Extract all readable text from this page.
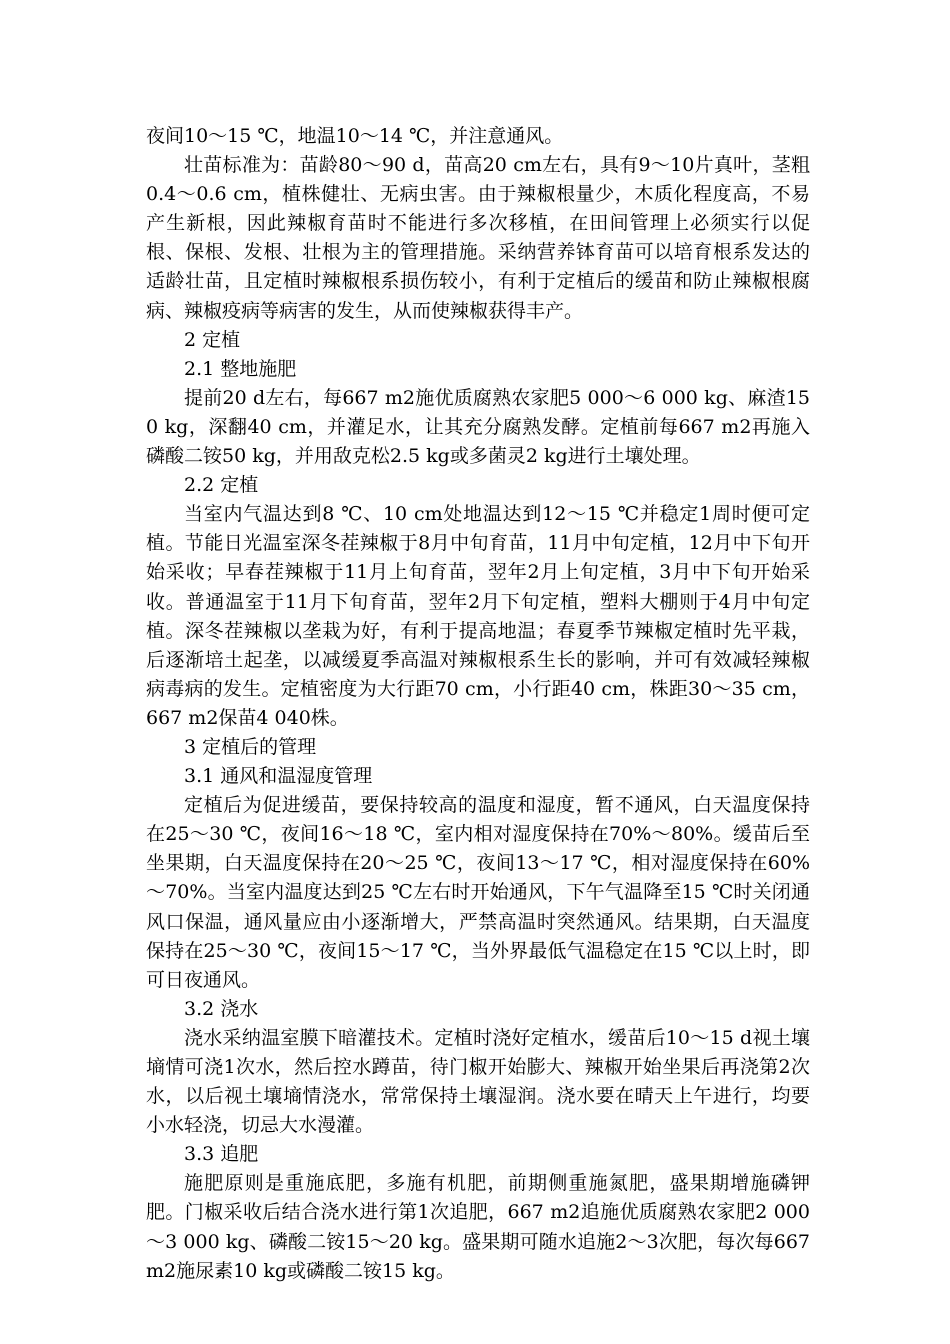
夜间10～15 ℃，地温10～14 ℃，并注意通风。

壮苗标准为：苗龄80～90 d，苗高20 cm左右，具有9～10片真叶，茎粗0.4～0.6 cm，植株健壮、无病虫害。由于辣椒根量少，木质化程度高，不易产生新根，因此辣椒育苗时不能进行多次移植，在田间管理上必须实行以促根、保根、发根、壮根为主的管理措施。采纳营养钵育苗可以培育根系发达的适龄壮苗，且定植时辣椒根系损伤较小，有利于定植后的缓苗和防止辣椒根腐病、辣椒疫病等病害的发生，从而使辣椒获得丰产。

2 定植

2.1 整地施肥

提前20 d左右，每667 m2施优质腐熟农家肥5 000～6 000 kg、麻渣150 kg，深翻40 cm，并灌足水，让其充分腐熟发酵。定植前每667 m2再施入磷酸二铵50 kg，并用敌克松2.5 kg或多菌灵2 kg进行土壤处理。

2.2 定植

当室内气温达到8 ℃、10 cm处地温达到12～15 ℃并稳定1周时便可定植。节能日光温室深冬茬辣椒于8月中旬育苗，11月中旬定植，12月中下旬开始采收；早春茬辣椒于11月上旬育苗，翌年2月上旬定植，3月中下旬开始采收。普通温室于11月下旬育苗，翌年2月下旬定植，塑料大棚则于4月中旬定植。深冬茬辣椒以垄栽为好，有利于提高地温；春夏季节辣椒定植时先平栽，后逐渐培土起垄，以减缓夏季高温对辣椒根系生长的影响，并可有效减轻辣椒病毒病的发生。定植密度为大行距70 cm，小行距40 cm，株距30～35 cm，667 m2保苗4 040株。

3 定植后的管理

3.1 通风和温湿度管理

定植后为促进缓苗，要保持较高的温度和湿度，暂不通风，白天温度保持在25～30 ℃，夜间16～18 ℃，室内相对湿度保持在70%～80%。缓苗后至坐果期，白天温度保持在20～25 ℃，夜间13～17 ℃，相对湿度保持在60%～70%。当室内温度达到25 ℃左右时开始通风，下午气温降至15 ℃时关闭通风口保温，通风量应由小逐渐增大，严禁高温时突然通风。结果期，白天温度保持在25～30 ℃，夜间15～17 ℃，当外界最低气温稳定在15 ℃以上时，即可日夜通风。

3.2 浇水

浇水采纳温室膜下暗灌技术。定植时浇好定植水，缓苗后10～15 d视土壤墒情可浇1次水，然后控水蹲苗，待门椒开始膨大、辣椒开始坐果后再浇第2次水，以后视土壤墒情浇水，常常保持土壤湿润。浇水要在晴天上午进行，均要小水轻浇，切忌大水漫灌。

3.3 追肥

施肥原则是重施底肥，多施有机肥，前期侧重施氮肥，盛果期增施磷钾肥。门椒采收后结合浇水进行第1次追肥，667 m2追施优质腐熟农家肥2 000～3 000 kg、磷酸二铵15～20 kg。盛果期可随水追施2～3次肥，每次每667 m2施尿素10 kg或磷酸二铵15 kg。
